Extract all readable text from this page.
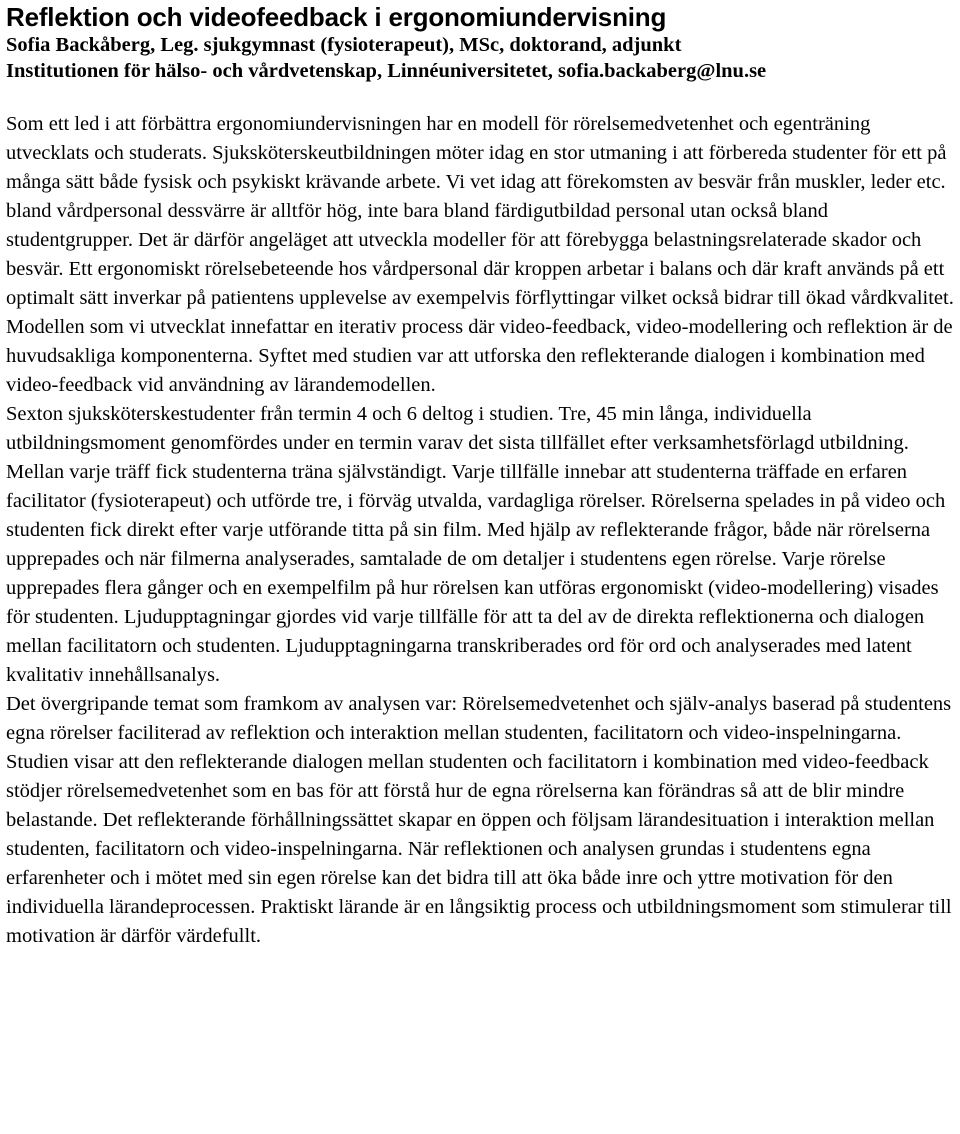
Reflektion och videofeedback i ergonomiundervisning

Sofia Backåberg, Leg. sjukgymnast (fysioterapeut), MSc, doktorand, adjunkt

Institutionen för hälso- och vårdvetenskap, Linnéuniversitetet, sofia.backaberg@lnu.se

Som ett led i att förbättra ergonomiundervisningen har en modell för rörelsemedvetenhet och egenträning utvecklats och studerats. Sjuksköterskeutbildningen möter idag en stor utmaning i att förbereda studenter för ett på många sätt både fysisk och psykiskt krävande arbete. Vi vet idag att förekomsten av besvär från muskler, leder etc. bland vårdpersonal dessvärre är alltför hög, inte bara bland färdigutbildad personal utan också bland studentgrupper. Det är därför angeläget att utveckla modeller för att förebygga belastningsrelaterade skador och besvär. Ett ergonomiskt rörelsebeteende hos vårdpersonal där kroppen arbetar i balans och där kraft används på ett optimalt sätt inverkar på patientens upplevelse av exempelvis förflyttingar vilket också bidrar till ökad vårdkvalitet. Modellen som vi utvecklat innefattar en iterativ process där video-feedback, video-modellering och reflektion är de huvudsakliga komponenterna. Syftet med studien var att utforska den reflekterande dialogen i kombination med video-feedback vid användning av lärandemodellen.

Sexton sjuksköterskestudenter från termin 4 och 6 deltog i studien. Tre, 45 min långa, individuella utbildningsmoment genomfördes under en termin varav det sista tillfället efter verksamhetsförlagd utbildning. Mellan varje träff fick studenterna träna självständigt. Varje tillfälle innebar att studenterna träffade en erfaren facilitator (fysioterapeut) och utförde tre, i förväg utvalda, vardagliga rörelser. Rörelserna spelades in på video och studenten fick direkt efter varje utförande titta på sin film. Med hjälp av reflekterande frågor, både när rörelserna upprepades och när filmerna analyserades, samtalade de om detaljer i studentens egen rörelse. Varje rörelse upprepades flera gånger och en exempelfilm på hur rörelsen kan utföras ergonomiskt (video-modellering) visades för studenten. Ljudupptagningar gjordes vid varje tillfälle för att ta del av de direkta reflektionerna och dialogen mellan facilitatorn och studenten. Ljudupptagningarna transkriberades ord för ord och analyserades med latent kvalitativ innehållsanalys.

Det övergripande temat som framkom av analysen var: Rörelsemedvetenhet och själv-analys baserad på studentens egna rörelser faciliterad av reflektion och interaktion mellan studenten, facilitatorn och video-inspelningarna. Studien visar att den reflekterande dialogen mellan studenten och facilitatorn i kombination med video-feedback stödjer rörelsemedvetenhet som en bas för att förstå hur de egna rörelserna kan förändras så att de blir mindre belastande. Det reflekterande förhållningssättet skapar en öppen och följsam lärandesituation i interaktion mellan studenten, facilitatorn och video-inspelningarna. När reflektionen och analysen grundas i studentens egna erfarenheter och i mötet med sin egen rörelse kan det bidra till att öka både inre och yttre motivation för den individuella lärandeprocessen. Praktiskt lärande är en långsiktig process och utbildningsmoment som stimulerar till motivation är därför värdefullt.
